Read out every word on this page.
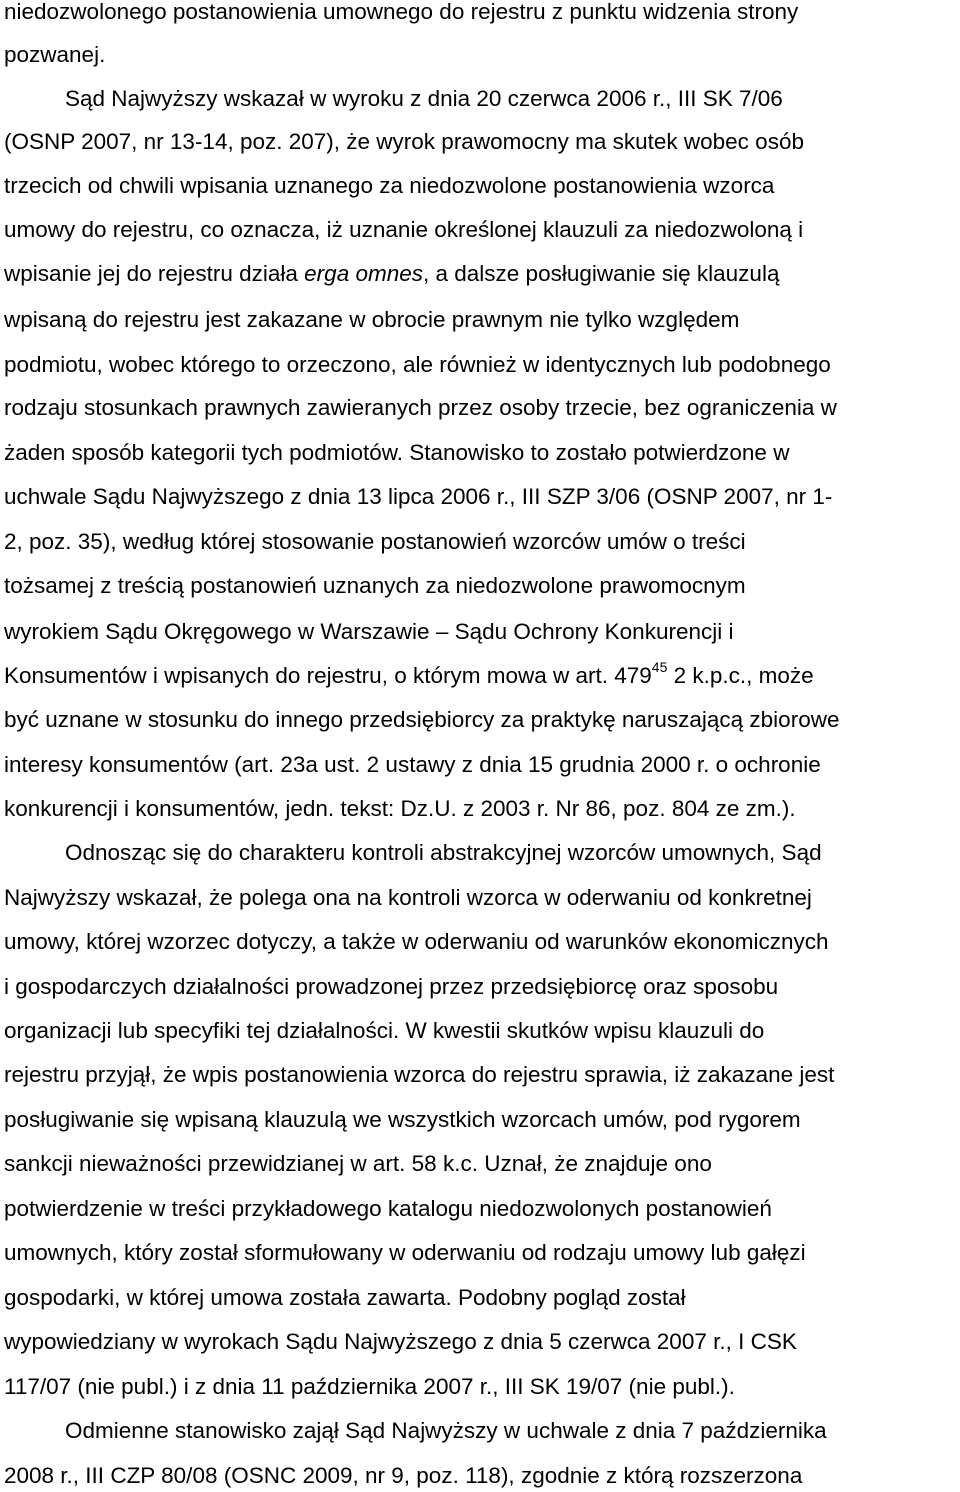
niedozwolonego postanowienia umownego do rejestru z punktu widzenia strony
pozwanej.
Sąd Najwyższy wskazał w wyroku z dnia 20 czerwca 2006 r., III SK 7/06
(OSNP 2007, nr 13-14, poz. 207), że wyrok prawomocny ma skutek wobec osób
trzecich od chwili wpisania uznanego za niedozwolone postanowienia wzorca
umowy do rejestru, co oznacza, iż uznanie określonej klauzuli za niedozwoloną i
wpisanie jej do rejestru działa erga omnes, a dalsze posługiwanie się klauzulą
wpisaną do rejestru jest zakazane w obrocie prawnym nie tylko względem
podmiotu, wobec którego to orzeczono, ale również w identycznych lub podobnego
rodzaju stosunkach prawnych zawieranych przez osoby trzecie, bez ograniczenia w
żaden sposób kategorii tych podmiotów. Stanowisko to zostało potwierdzone w
uchwale Sądu Najwyższego z dnia 13 lipca 2006 r., III SZP 3/06 (OSNP 2007, nr 1-
2, poz. 35), według której stosowanie postanowień wzorców umów o treści
tożsamej z treścią postanowień uznanych za niedozwolone prawomocnym
wyrokiem Sądu Okręgowego w Warszawie – Sądu Ochrony Konkurencji i
Konsumentów i wpisanych do rejestru, o którym mowa w art. $479^{45}$ 2 k.p.c., może
być uznane w stosunku do innego przedsiębiorcy za praktykę naruszającą zbiorowe
interesy konsumentów (art. 23a ust. 2 ustawy z dnia 15 grudnia 2000 r. o ochronie
konkurencji i konsumentów, jedn. tekst: Dz.U. z 2003 r. Nr 86, poz. 804 ze zm.).
Odnosząc się do charakteru kontroli abstrakcyjnej wzorców umownych, Sąd
Najwyższy wskazał, że polega ona na kontroli wzorca w oderwaniu od konkretnej
umowy, której wzorzec dotyczy, a także w oderwaniu od warunków ekonomicznych
i gospodarczych działalności prowadzonej przez przedsiębiorcę oraz sposobu
organizacji lub specyfiki tej działalności. W kwestii skutków wpisu klauzuli do
rejestru przyjął, że wpis postanowienia wzorca do rejestru sprawia, iż zakazane jest
posługiwanie się wpisaną klauzulą we wszystkich wzorcach umów, pod rygorem
sankcji nieważności przewidzianej w art. 58 k.c. Uznał, że znajduje ono
potwierdzenie w treści przykładowego katalogu niedozwolonych postanowień
umownych, który został sformułowany w oderwaniu od rodzaju umowy lub gałęzi
gospodarki, w której umowa została zawarta. Podobny pogląd został
wypowiedziany w wyrokach Sądu Najwyższego z dnia 5 czerwca 2007 r., I CSK
117/07 (nie publ.) i z dnia 11 października 2007 r., III SK 19/07 (nie publ.).
Odmienne stanowisko zajął Sąd Najwyższy w uchwale z dnia 7 października
2008 r., III CZP 80/08 (OSNC 2009, nr 9, poz. 118), zgodnie z którą rozszerzona
